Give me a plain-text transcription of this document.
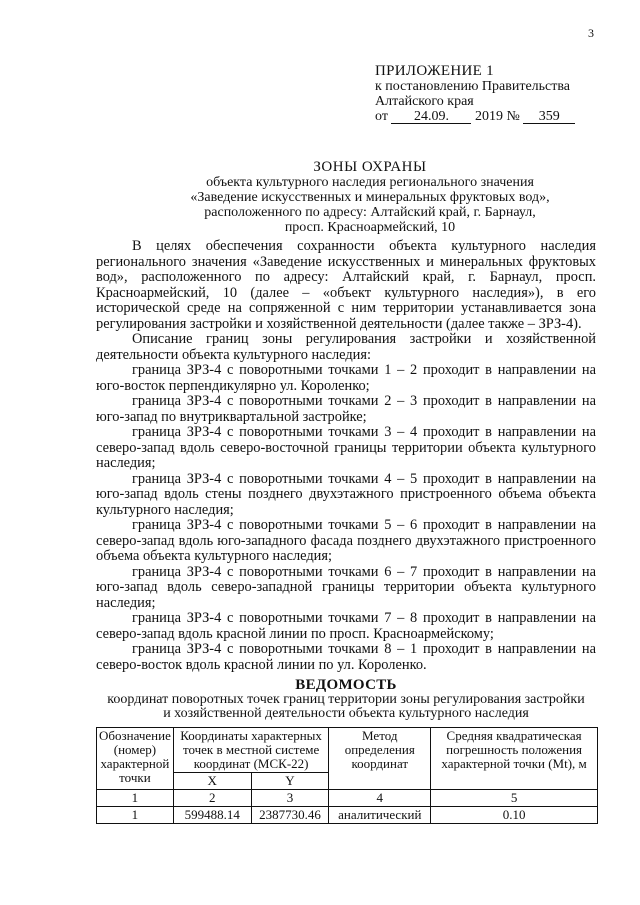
3
ПРИЛОЖЕНИЕ 1
к постановлению Правительства
Алтайского края
от 24.09. 2019 № 359
ЗОНЫ ОХРАНЫ
объекта культурного наследия регионального значения
«Заведение искусственных и минеральных фруктовых вод»,
расположенного по адресу: Алтайский край, г. Барнаул,
просп. Красноармейский, 10

В целях обеспечения сохранности объекта культурного наследия регионального значения «Заведение искусственных и минеральных фруктовых вод», расположенного по адресу: Алтайский край, г. Барнаул, просп. Красноармейский, 10 (далее – «объект культурного наследия»), в его исторической среде на сопряженной с ним территории устанавливается зона регулирования застройки и хозяйственной деятельности (далее также – ЗРЗ-4).

Описание границ зоны регулирования застройки и хозяйственной деятельности объекта культурного наследия:

граница ЗРЗ-4 с поворотными точками 1 – 2 проходит в направлении на юго-восток перпендикулярно ул. Короленко;

граница ЗРЗ-4 с поворотными точками 2 – 3 проходит в направлении на юго-запад по внутриквартальной застройке;

граница ЗРЗ-4 с поворотными точками 3 – 4 проходит в направлении на северо-запад вдоль северо-восточной границы территории объекта культурного наследия;

граница ЗРЗ-4 с поворотными точками 4 – 5 проходит в направлении на юго-запад вдоль стены позднего двухэтажного пристроенного объема объекта культурного наследия;

граница ЗРЗ-4 с поворотными точками 5 – 6 проходит в направлении на северо-запад вдоль юго-западного фасада позднего двухэтажного пристроенного объема объекта культурного наследия;

граница ЗРЗ-4 с поворотными точками 6 – 7 проходит в направлении на юго-запад вдоль северо-западной границы территории объекта культурного наследия;

граница ЗРЗ-4 с поворотными точками 7 – 8 проходит в направлении на северо-запад вдоль красной линии по просп. Красноармейскому;

граница ЗРЗ-4 с поворотными точками 8 – 1 проходит в направлении на северо-восток вдоль красной линии по ул. Короленко.

ВЕДОМОСТЬ
координат поворотных точек границ территории зоны регулирования застройки
и хозяйственной деятельности объекта культурного наследия
Обозначение (номер) характерной точки	Координаты характерных точек в местной системе координат (МСК-22)		Метод определения координат	Средняя квадратическая погрешность положения характерной точки (Mt), м
	X	Y		
1	2	3	4	5
1	599488.14	2387730.46	аналитический	0.10
